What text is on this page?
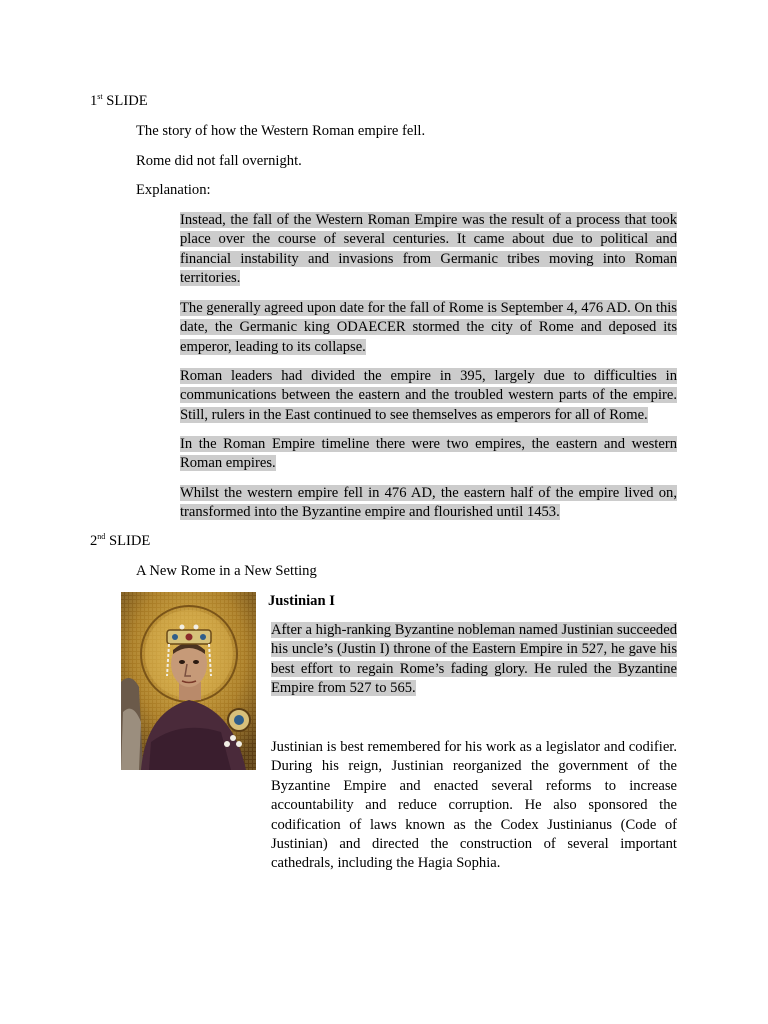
1st SLIDE

The story of how the Western Roman empire fell.

Rome did not fall overnight.

Explanation:

Instead, the fall of the Western Roman Empire was the result of a process that took place over the course of several centuries. It came about due to political and financial instability and invasions from Germanic tribes moving into Roman territories.

The generally agreed upon date for the fall of Rome is September 4, 476 AD. On this date, the Germanic king ODAECER stormed the city of Rome and deposed its emperor, leading to its collapse.

Roman leaders had divided the empire in 395, largely due to difficulties in communications between the eastern and the troubled western parts of the empire. Still, rulers in the East continued to see themselves as emperors for all of Rome.

In the Roman Empire timeline there were two empires, the eastern and western Roman empires.

Whilst the western empire fell in 476 AD, the eastern half of the empire lived on, transformed into the Byzantine empire and flourished until 1453.

2nd SLIDE

A New Rome in a New Setting

Justinian I

After a high-ranking Byzantine nobleman named Justinian succeeded his uncle’s (Justin I) throne of the Eastern Empire in 527, he gave his best effort to regain Rome’s fading glory. He ruled the Byzantine Empire from 527 to 565.

Justinian is best remembered for his work as a legislator and codifier. During his reign, Justinian reorganized the government of the Byzantine Empire and enacted several reforms to increase accountability and reduce corruption. He also sponsored the codification of laws known as the Codex Justinianus (Code of Justinian) and directed the construction of several important cathedrals, including the Hagia Sophia.
